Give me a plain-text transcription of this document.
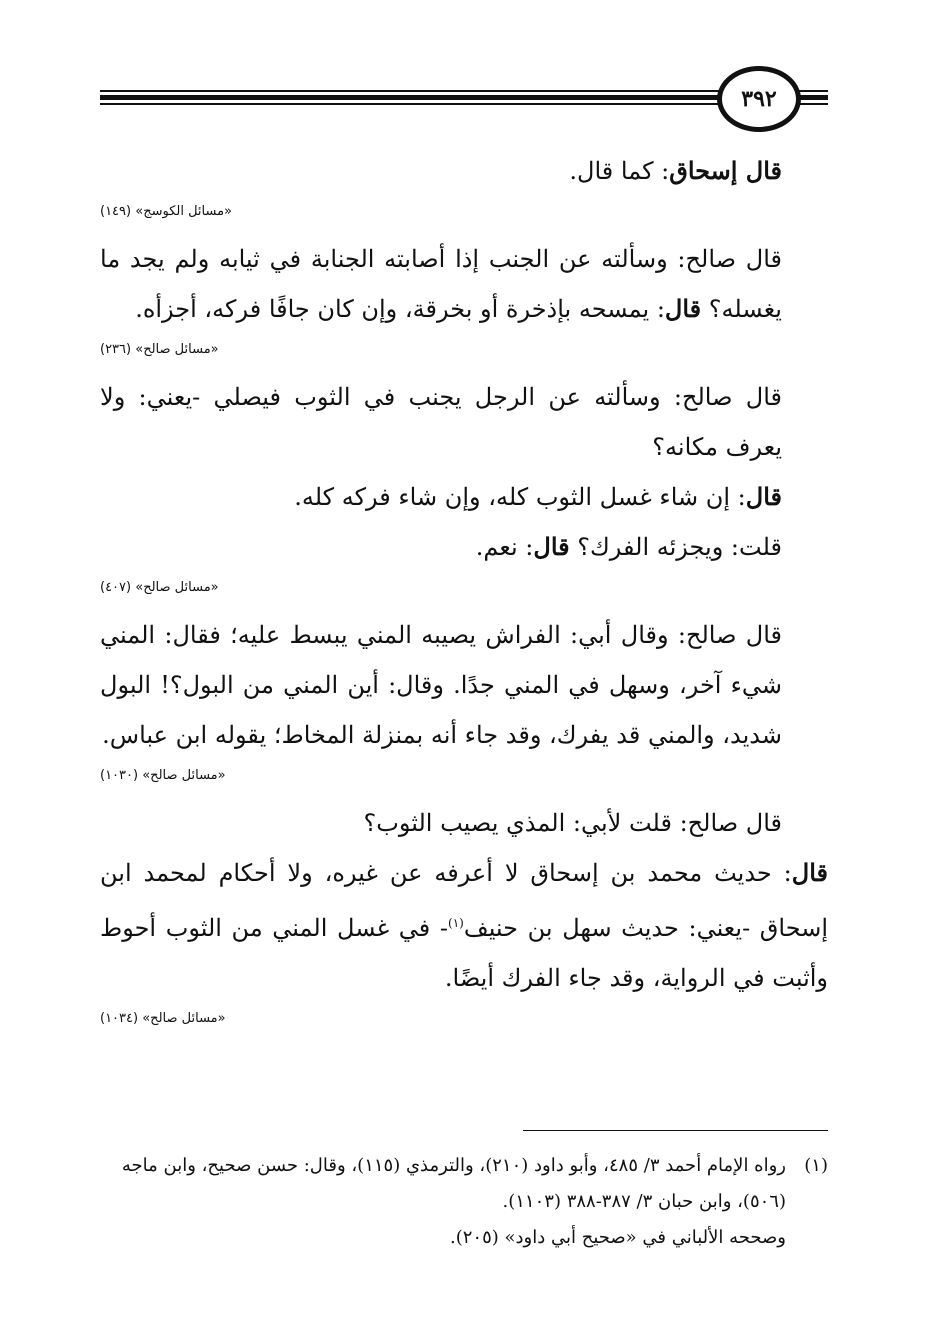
٣٩٢

قال إسحاق: كما قال.

«مسائل الكوسج» (١٤٩)

قال صالح: وسألته عن الجنب إذا أصابته الجنابة في ثيابه ولم يجد ما يغسله؟ قال: يمسحه بإذخرة أو بخرقة، وإن كان جافًا فركه، أجزأه.

«مسائل صالح» (٢٣٦)

قال صالح: وسألته عن الرجل يجنب في الثوب فيصلي -يعني: ولا يعرف مكانه؟

قال: إن شاء غسل الثوب كله، وإن شاء فركه كله.

قلت: ويجزئه الفرك؟ قال: نعم.

«مسائل صالح» (٤٠٧)

قال صالح: وقال أبي: الفراش يصيبه المني يبسط عليه؛ فقال: المني شيء آخر، وسهل في المني جدًا. وقال: أين المني من البول؟! البول شديد، والمني قد يفرك، وقد جاء أنه بمنزلة المخاط؛ يقوله ابن عباس.

«مسائل صالح» (١٠٣٠)

قال صالح: قلت لأبي: المذي يصيب الثوب؟

قال: حديث محمد بن إسحاق لا أعرفه عن غيره، ولا أحكام لمحمد ابن إسحاق -يعني: حديث سهل بن حنيف$^{(١)}$- في غسل المني من الثوب أحوط وأثبت في الرواية، وقد جاء الفرك أيضًا.

«مسائل صالح» (١٠٣٤)
(١)
رواه الإمام أحمد ٣/ ٤٨٥، وأبو داود (٢١٠)، والترمذي (١١٥)، وقال: حسن صحيح، وابن ماجه (٥٠٦)، وابن حبان ٣/ ٣٨٧-٣٨٨ (١١٠٣).
وصححه الألباني في «صحيح أبي داود» (٢٠٥).
